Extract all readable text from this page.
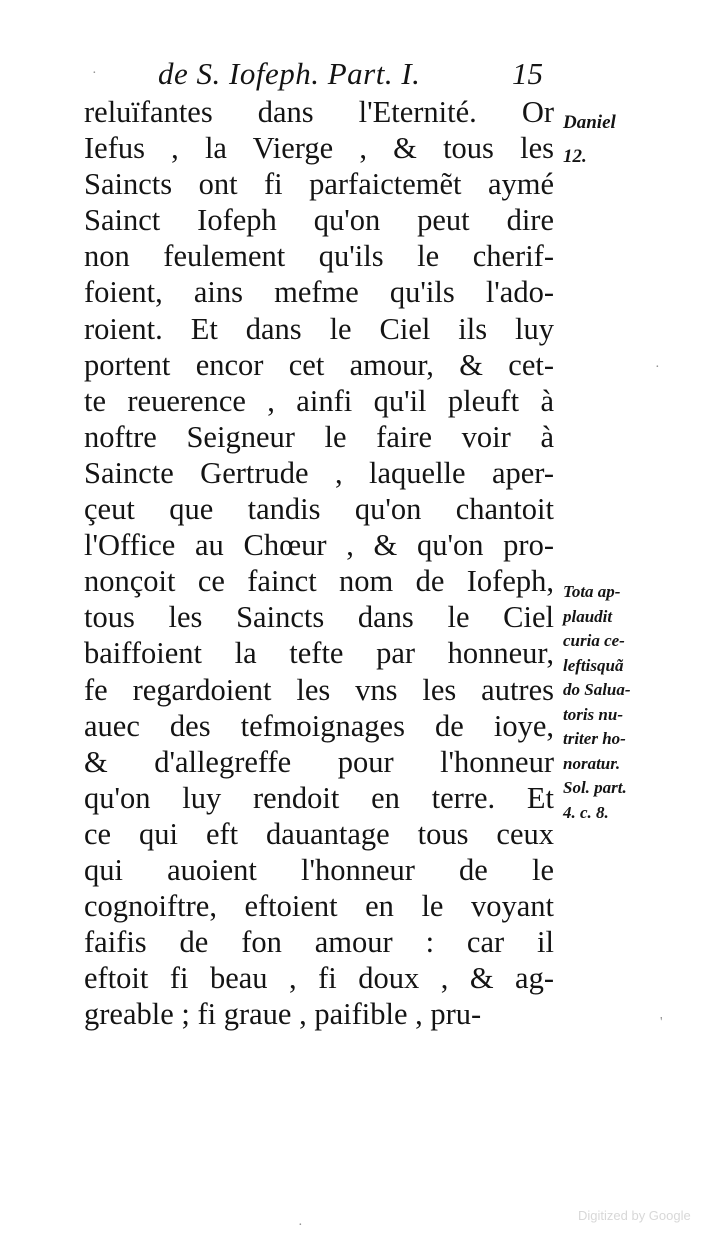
de S. Iofeph. Part. I.	15
reluïfantes dans l'Eternité. Or
Iefus , la Vierge , & tous les
Saincts ont fi parfaictemẽt aymé
Sainct Iofeph qu'on peut dire
non feulement qu'ils le cherif-
foient, ains mefme qu'ils l'ado-
roient. Et dans le Ciel ils luy
portent encor cet amour, & cet-
te reuerence , ainfi qu'il pleuft à
noftre Seigneur le faire voir à
Saincte Gertrude , laquelle aper-
çeut que tandis qu'on chantoit
l'Office au Chœur , & qu'on pro-
nonçoit ce fainct nom de Iofeph,
tous les Saincts dans le Ciel
baiffoient la tefte par honneur,
fe regardoient les vns les autres
auec des tefmoignages de ioye,
& d'allegreffe pour l'honneur
qu'on luy rendoit en terre. Et
ce qui eft dauantage tous ceux
qui auoient l'honneur de le
cognoiftre, eftoient en le voyant
faifis de fon amour : car il
eftoit fi beau , fi doux , & ag-
greable ; fi graue , paifible , pru-
Daniel
12.
Tota ap-
plaudit
curia ce-
leftisquã
do Salua-
toris nu-
triter ho-
noratur.
Sol. part.
4. c. 8.
·
·
'
·
Digitized by Google
